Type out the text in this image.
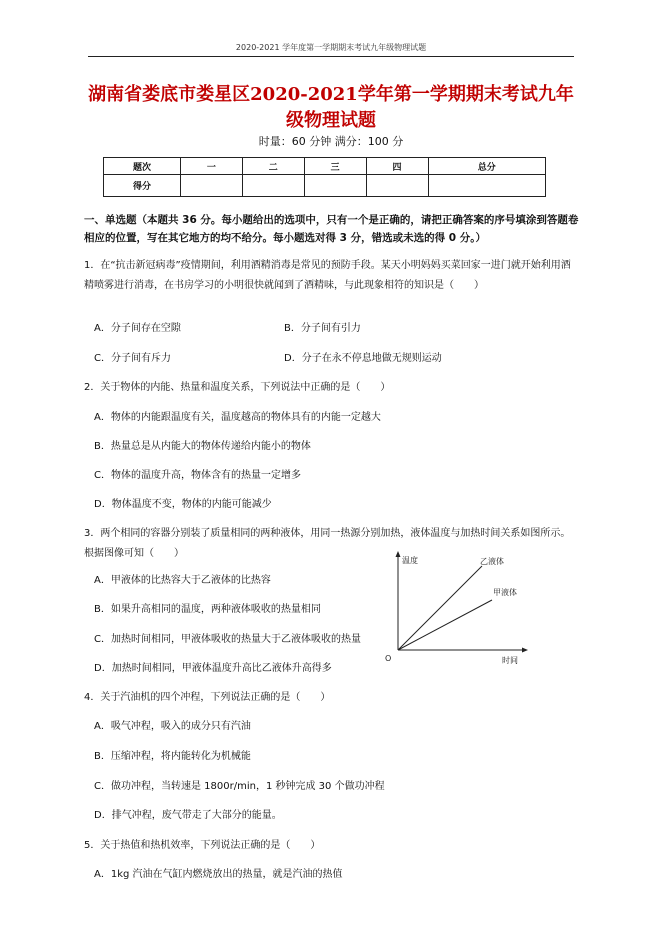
2020-2021 学年度第一学期期末考试九年级物理试题
湖南省娄底市娄星区2020-2021学年第一学期期末考试九年
级物理试题
时量：60 分钟 满分：100 分
题次	一	二	三	四	总分
得分					
一、单选题（本题共 36 分。每小题给出的选项中，只有一个是正确的，请把正确答案的序号填涂到答题卷相应的位置，写在其它地方的均不给分。每小题选对得 3 分，错选或未选的得 0 分。）
1．在“抗击新冠病毒”疫情期间，利用酒精消毒是常见的预防手段。某天小明妈妈买菜回家一进门就开始利用酒精喷雾进行消毒，在书房学习的小明很快就闻到了酒精味，与此现象相符的知识是（　　）
A．分子间存在空隙	B．分子间有引力
C．分子间有斥力	D．分子在永不停息地做无规则运动
2．关于物体的内能、热量和温度关系，下列说法中正确的是（　　）
A．物体的内能跟温度有关，温度越高的物体具有的内能一定越大
B．热量总是从内能大的物体传递给内能小的物体
C．物体的温度升高，物体含有的热量一定增多
D．物体温度不变，物体的内能可能减少
3．两个相同的容器分别装了质量相同的两种液体，用同一热源分别加热，液体温度与加热时间关系如图所示。根据图像可知（　　）
A．甲液体的比热容大于乙液体的比热容
B．如果升高相同的温度，两种液体吸收的热量相同
C．加热时间相同，甲液体吸收的热量大于乙液体吸收的热量
D．加热时间相同，甲液体温度升高比乙液体升高得多
温度
时间
O
乙液体
甲液体
4．关于汽油机的四个冲程，下列说法正确的是（　　）
A．吸气冲程，吸入的成分只有汽油
B．压缩冲程，将内能转化为机械能
C．做功冲程，当转速是 1800r/min，1 秒钟完成 30 个做功冲程
D．排气冲程，废气带走了大部分的能量。
5．关于热值和热机效率，下列说法正确的是（　　）
A．1kg 汽油在气缸内燃烧放出的热量，就是汽油的热值
